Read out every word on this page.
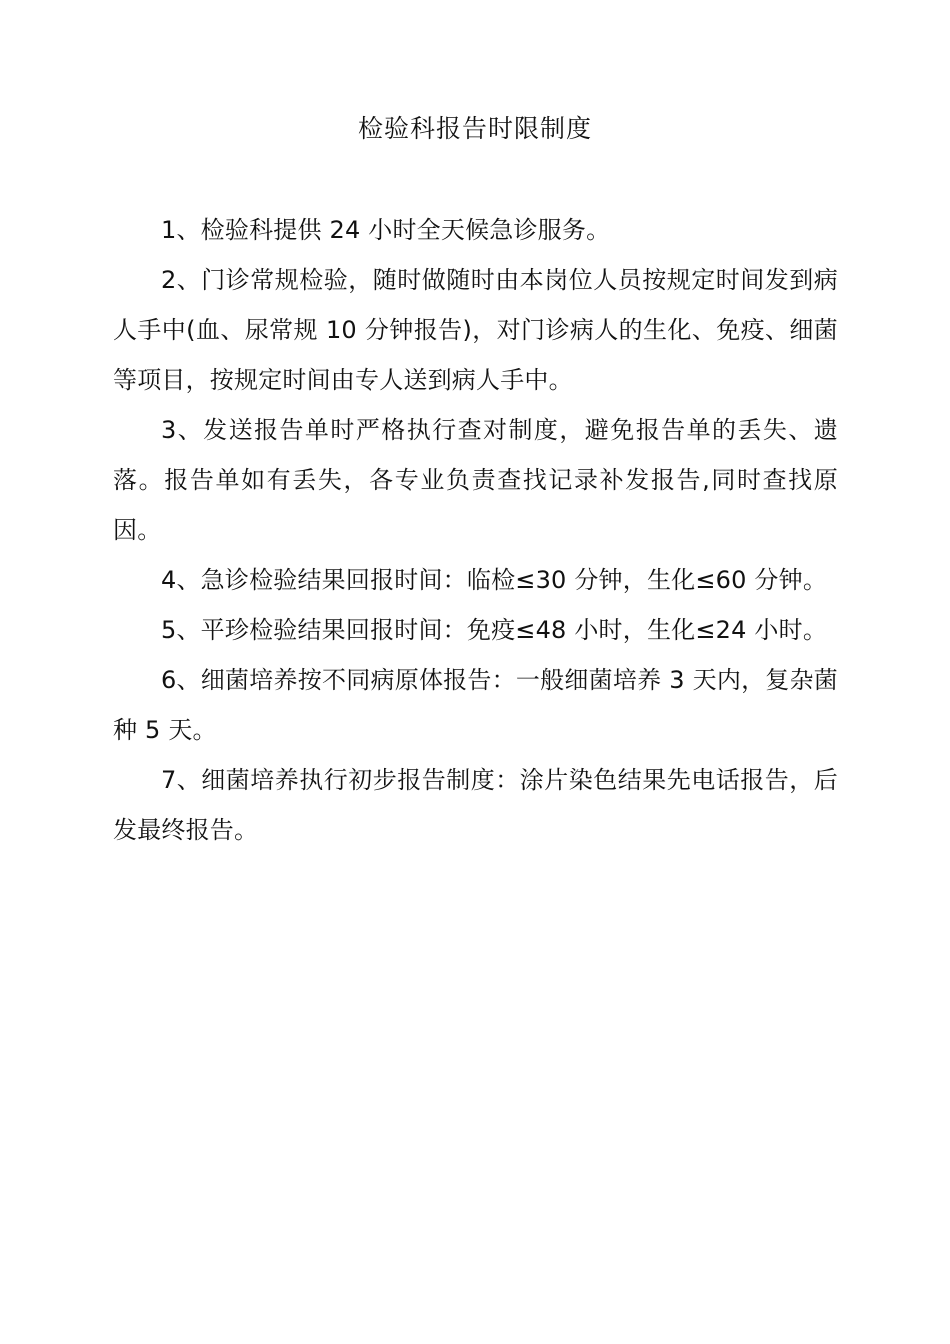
检验科报告时限制度

1、检验科提供 24 小时全天候急诊服务。

2、门诊常规检验，随时做随时由本岗位人员按规定时间发到病人手中(血、尿常规 10 分钟报告)，对门诊病人的生化、免疫、细菌等项目，按规定时间由专人送到病人手中。

3、发送报告单时严格执行查对制度，避免报告单的丢失、遗落。报告单如有丢失，各专业负责查找记录补发报告,同时查找原因。

4、急诊检验结果回报时间：临检≤30 分钟，生化≤60 分钟。

5、平珍检验结果回报时间：免疫≤48 小时，生化≤24 小时。

6、细菌培养按不同病原体报告：一般细菌培养 3 天内，复杂菌种 5 天。

7、细菌培养执行初步报告制度：涂片染色结果先电话报告，后发最终报告。
